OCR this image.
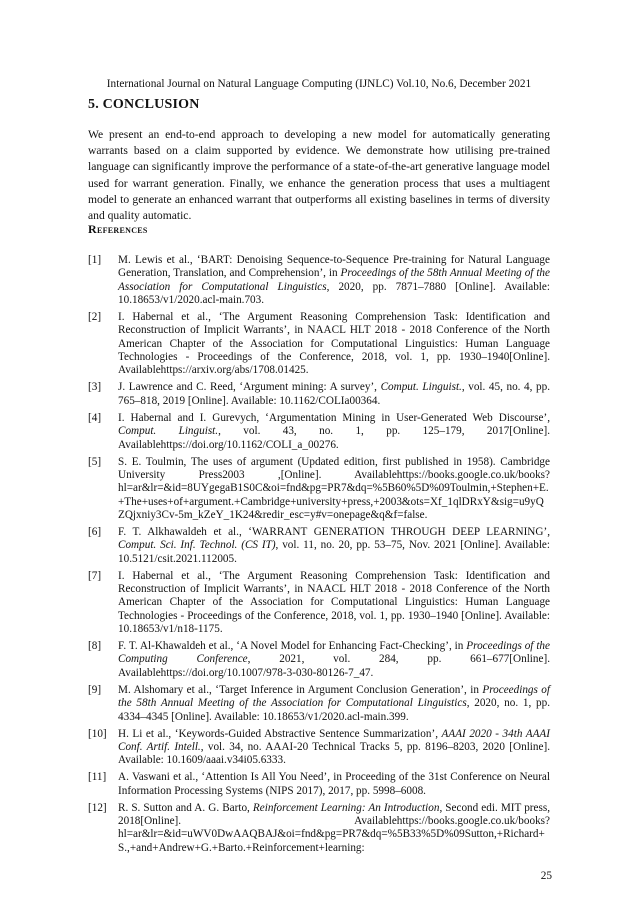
International Journal on Natural Language Computing (IJNLC) Vol.10, No.6, December 2021
5. CONCLUSION

We present an end-to-end approach to developing a new model for automatically generating warrants based on a claim supported by evidence. We demonstrate how utilising pre-trained language can significantly improve the performance of a state-of-the-art generative language model used for warrant generation. Finally, we enhance the generation process that uses a multiagent model to generate an enhanced warrant that outperforms all existing baselines in terms of diversity and quality automatic.

References
[1]	M. Lewis et al., ‘BART: Denoising Sequence-to-Sequence Pre-training for Natural Language Generation, Translation, and Comprehension’, in Proceedings of the 58th Annual Meeting of the Association for Computational Linguistics, 2020, pp. 7871–7880 [Online]. Available: 10.18653/v1/2020.acl-main.703.
[2]	I. Habernal et al., ‘The Argument Reasoning Comprehension Task: Identification and Reconstruction of Implicit Warrants’, in NAACL HLT 2018 - 2018 Conference of the North American Chapter of the Association for Computational Linguistics: Human Language Technologies - Proceedings of the Conference, 2018, vol. 1, pp. 1930–1940[Online]. Availablehttps://arxiv.org/abs/1708.01425.
[3]	J. Lawrence and C. Reed, ‘Argument mining: A survey’, Comput. Linguist., vol. 45, no. 4, pp. 765–818, 2019 [Online]. Available: 10.1162/COLIa00364.
[4]	I. Habernal and I. Gurevych, ‘Argumentation Mining in User-Generated Web Discourse’, Comput. Linguist., vol. 43, no. 1, pp. 125–179, 2017[Online]. Availablehttps://doi.org/10.1162/COLI_a_00276.
[5]	S. E. Toulmin, The uses of argument (Updated edition, first published in 1958). Cambridge University Press2003 ,[Online]. Availablehttps://books.google.co.uk/books?hl=ar&lr=&id=8UYgegaB1S0C&oi=fnd&pg=PR7&dq=%5B60%5D%09Toulmin,+Stephen+E.+The+uses+of+argument.+Cambridge+university+press,+2003&ots=Xf_1qlDRxY&sig=u9yQZQjxniy3Cv-5m_kZeY_1K24&redir_esc=y#v=onepage&q&f=false.
[6]	F. T. Alkhawaldeh et al., ‘WARRANT GENERATION THROUGH DEEP LEARNING’, Comput. Sci. Inf. Technol. (CS IT), vol. 11, no. 20, pp. 53–75, Nov. 2021 [Online]. Available: 10.5121/csit.2021.112005.
[7]	I. Habernal et al., ‘The Argument Reasoning Comprehension Task: Identification and Reconstruction of Implicit Warrants’, in NAACL HLT 2018 - 2018 Conference of the North American Chapter of the Association for Computational Linguistics: Human Language Technologies - Proceedings of the Conference, 2018, vol. 1, pp. 1930–1940 [Online]. Available: 10.18653/v1/n18-1175.
[8]	F. T. Al-Khawaldeh et al., ‘A Novel Model for Enhancing Fact-Checking’, in Proceedings of the Computing Conference, 2021, vol. 284, pp. 661–677[Online]. Availablehttps://doi.org/10.1007/978-3-030-80126-7_47.
[9]	M. Alshomary et al., ‘Target Inference in Argument Conclusion Generation’, in Proceedings of the 58th Annual Meeting of the Association for Computational Linguistics, 2020, no. 1, pp. 4334–4345 [Online]. Available: 10.18653/v1/2020.acl-main.399.
[10]	H. Li et al., ‘Keywords-Guided Abstractive Sentence Summarization’, AAAI 2020 - 34th AAAI Conf. Artif. Intell., vol. 34, no. AAAI-20 Technical Tracks 5, pp. 8196–8203, 2020 [Online]. Available: 10.1609/aaai.v34i05.6333.
[11]	A. Vaswani et al., ‘Attention Is All You Need’, in Proceeding of the 31st Conference on Neural Information Processing Systems (NIPS 2017), 2017, pp. 5998–6008.
[12]	R. S. Sutton and A. G. Barto, Reinforcement Learning: An Introduction, Second edi. MIT press, 2018[Online]. Availablehttps://books.google.co.uk/books?hl=ar&lr=&id=uWV0DwAAQBAJ&oi=fnd&pg=PR7&dq=%5B33%5D%09Sutton,+Richard+S.,+and+Andrew+G.+Barto.+Reinforcement+learning:
25
